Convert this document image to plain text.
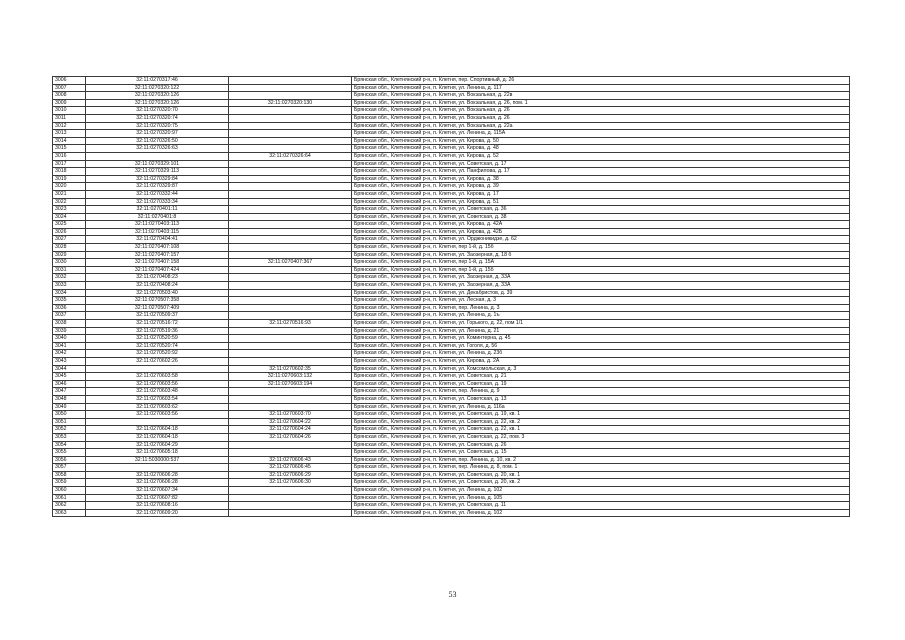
3006	32:11:0270317:46		Брянская обл., Клетнянский р-н, п. Клетня, пер. Спортивный, д. 26
3007	32:11:0270320:122		Брянская обл., Клетнянский р-н, п. Клетня, ул. Ленина, д. 117
3008	32:11:0270320:126		Брянская обл., Клетнянский р-н, п. Клетня, ул. Вокзальная, д. 22в
3009	32:11:0270320:126	32:11:0270320:130	Брянская обл., Клетнянский р-н, п. Клетня, ул. Вокзальная, д. 26, пом. 1
3010	32:11:0270320:70		Брянская обл., Клетнянский р-н, п. Клетня, ул. Вокзальная, д. 26
3011	32:11:0270320:74		Брянская обл., Клетнянский р-н, п. Клетня, ул. Вокзальная, д. 26
3012	32:11:0270320:75		Брянская обл., Клетнянский р-н, п. Клетня, ул. Вокзальная, д. 22а
3013	32:11:0270320:97		Брянская обл., Клетнянский р-н, п. Клетня, ул. Ленина, д. 115А
3014	32:11:0270326:50		Брянская обл., Клетнянский р-н, п. Клетня, ул. Кирова, д. 50
3015	32:11:0270326:63		Брянская обл., Клетнянский р-н, п. Клетня, ул. Кирова, д. 48
3016		32:11:0270326:64	Брянская обл., Клетнянский р-н, п. Клетня, ул. Кирова, д. 52
3017	32:11:0270329:101		Брянская обл., Клетнянский р-н, п. Клетня, ул. Советская, д. 17
3018	32:11:0270329:113		Брянская обл., Клетнянский р-н, п. Клетня, ул. Панфилова, д. 17
3019	32:11:0270329:84		Брянская обл., Клетнянский р-н, п. Клетня, ул. Кирова, д. 38
3020	32:11:0270329:87		Брянская обл., Клетнянский р-н, п. Клетня, ул. Кирова, д. 39
3021	32:11:0270332:44		Брянская обл., Клетнянский р-н, п. Клетня, ул. Кирова, д. 17
3022	32:11:0270333:34		Брянская обл., Клетнянский р-н, п. Клетня, ул. Кирова, д. 51
3023	32:11:0270401:11		Брянская обл., Клетнянский р-н, п. Клетня, ул. Советская, д. 36
3024	32:11:0270401:8		Брянская обл., Клетнянский р-н, п. Клетня, ул. Советская, д. 38
3025	32:11:0270403:113		Брянская обл., Клетнянский р-н, п. Клетня, ул. Кирова, д. 42А
3026	32:11:0270403:115		Брянская обл., Клетнянский р-н, п. Клетня, ул. Кирова, д. 42Б
3027	32:11:0270404:41		Брянская обл., Клетнянский р-н, п. Клетня, ул. Орджоникидзе, д. 62
3028	32:11:0270407:108		Брянская обл., Клетнянский р-н, п. Клетня, пер 1-й, д. 15б
3029	32:11:0270407:157		Брянская обл., Клетнянский р-н, п. Клетня, ул. Заозерная, д. 18 б
3030	32:11:0270407:158	32:11:0270407:367	Брянская обл., Клетнянский р-н, п. Клетня, пер 1-й, д. 15А
3031	32:11:0270407:424		Брянская обл., Клетнянский р-н, п. Клетня, пер 1-й, д. 15б
3032	32:11:0270408:23		Брянская обл., Клетнянский р-н, п. Клетня, ул. Заозерная, д. 33А
3033	32:11:0270408:24		Брянская обл., Клетнянский р-н, п. Клетня, ул. Заозерная, д. 33А
3034	32:11:0270503:40		Брянская обл., Клетнянский р-н, п. Клетня, ул. Декабристов, д. 39
3035	32:11:0270507:358		Брянская обл., Клетнянский р-н, п. Клетня, ул. Лесная, д. 3
3036	32:11:0270507:409		Брянская обл., Клетнянский р-н, п. Клетня, пер. Ленина, д. 3
3037	32:11:0270509:37		Брянская обл., Клетнянский р-н, п. Клетня, ул. Ленина, д. 1ъ
3038	32:11:0270516:72	32:11:0270516:93	Брянская обл., Клетнянский р-н, п. Клетня, ул. Горького, д. 22, пом 1/1
3039	32:11:0270519:36		Брянская обл., Клетнянский р-н, п. Клетня, ул. Ленина, д. 21
3040	32:11:0270520:59		Брянская обл., Клетнянский р-н, п. Клетня, ул. Коминтерна, д. 45
3041	32:11:0270520:74		Брянская обл., Клетнянский р-н, п. Клетня, ул. Гоголя, д. 56
3042	32:11:0270520:92		Брянская обл., Клетнянский р-н, п. Клетня, ул. Ленина, д. 23б
3043	32:11:0270602:26		Брянская обл., Клетнянский р-н, п. Клетня, ул. Кирова, д. 2А
3044		32:11:0270602:35	Брянская обл., Клетнянский р-н, п. Клетня, ул. Комсомольская, д. 3
3045	32:11:0270603:58	32:11:0270603:132	Брянская обл., Клетнянский р-н, п. Клетня, ул. Советская, д. 21
3046	32:11:0270603:56	32:11:0270603:194	Брянская обл., Клетнянский р-н, п. Клетня, ул. Советская, д. 19
3047	32:11:0270603:48		Брянская обл., Клетнянский р-н, п. Клетня, пер. Ленина, д. 9
3048	32:11:0270603:54		Брянская обл., Клетнянский р-н, п. Клетня, ул. Советская, д. 13
3049	32:11:0270603:62		Брянская обл., Клетнянский р-н, п. Клетня, ул. Ленина, д. 116а
3050	32:11:0270603:56	32:11:0270603:70	Брянская обл., Клетнянский р-н, п. Клетня, ул. Советская, д. 19, кв. 1
3051		32:11:0270604:22	Брянская обл., Клетнянский р-н, п. Клетня, ул. Советская, д. 22, кв. 2
3052	32:11:0270604:18	32:11:0270604:24	Брянская обл., Клетнянский р-н, п. Клетня, ул. Советская, д. 22, кв. 1
3053	32:11:0270604:18	32:11:0270604:26	Брянская обл., Клетнянский р-н, п. Клетня, ул. Советская, д. 22, пом. 3
3054	32:11:0270604:29		Брянская обл., Клетнянский р-н, п. Клетня, ул. Советская, д. 26
3055	32:11:0270605:18		Брянская обл., Клетнянский р-н, п. Клетня, ул. Советская, д. 15
3056	32:11:5030000:537	32:11:0270606:43	Брянская обл., Клетнянский р-н, п. Клетня, пер. Ленина, д. 10, кв. 2
3057		32:11:0270606:45	Брянская обл., Клетнянский р-н, п. Клетня, пер. Ленина, д. 8, пом. 1
3058	32:11:0270606:28	32:11:0270606:29	Брянская обл., Клетнянский р-н, п. Клетня, ул. Советская, д. 20, кв. 1
3059	32:11:0270606:28	32:11:0270606:30	Брянская обл., Клетнянский р-н, п. Клетня, ул. Советская, д. 20, кв. 2
3060	32:11:0270607:34		Брянская обл., Клетнянский р-н, п. Клетня, ул. Ленина, д. 102
3061	32:11:0270607:82		Брянская обл., Клетнянский р-н, п. Клетня, ул. Ленина, д. 105
3062	32:11:0270608:16		Брянская обл., Клетнянский р-н, п. Клетня, ул. Советская, д. 11
3063	32:11:0270609:20		Брянская обл., Клетнянский р-н, п. Клетня, ул. Ленина, д. 102
53
